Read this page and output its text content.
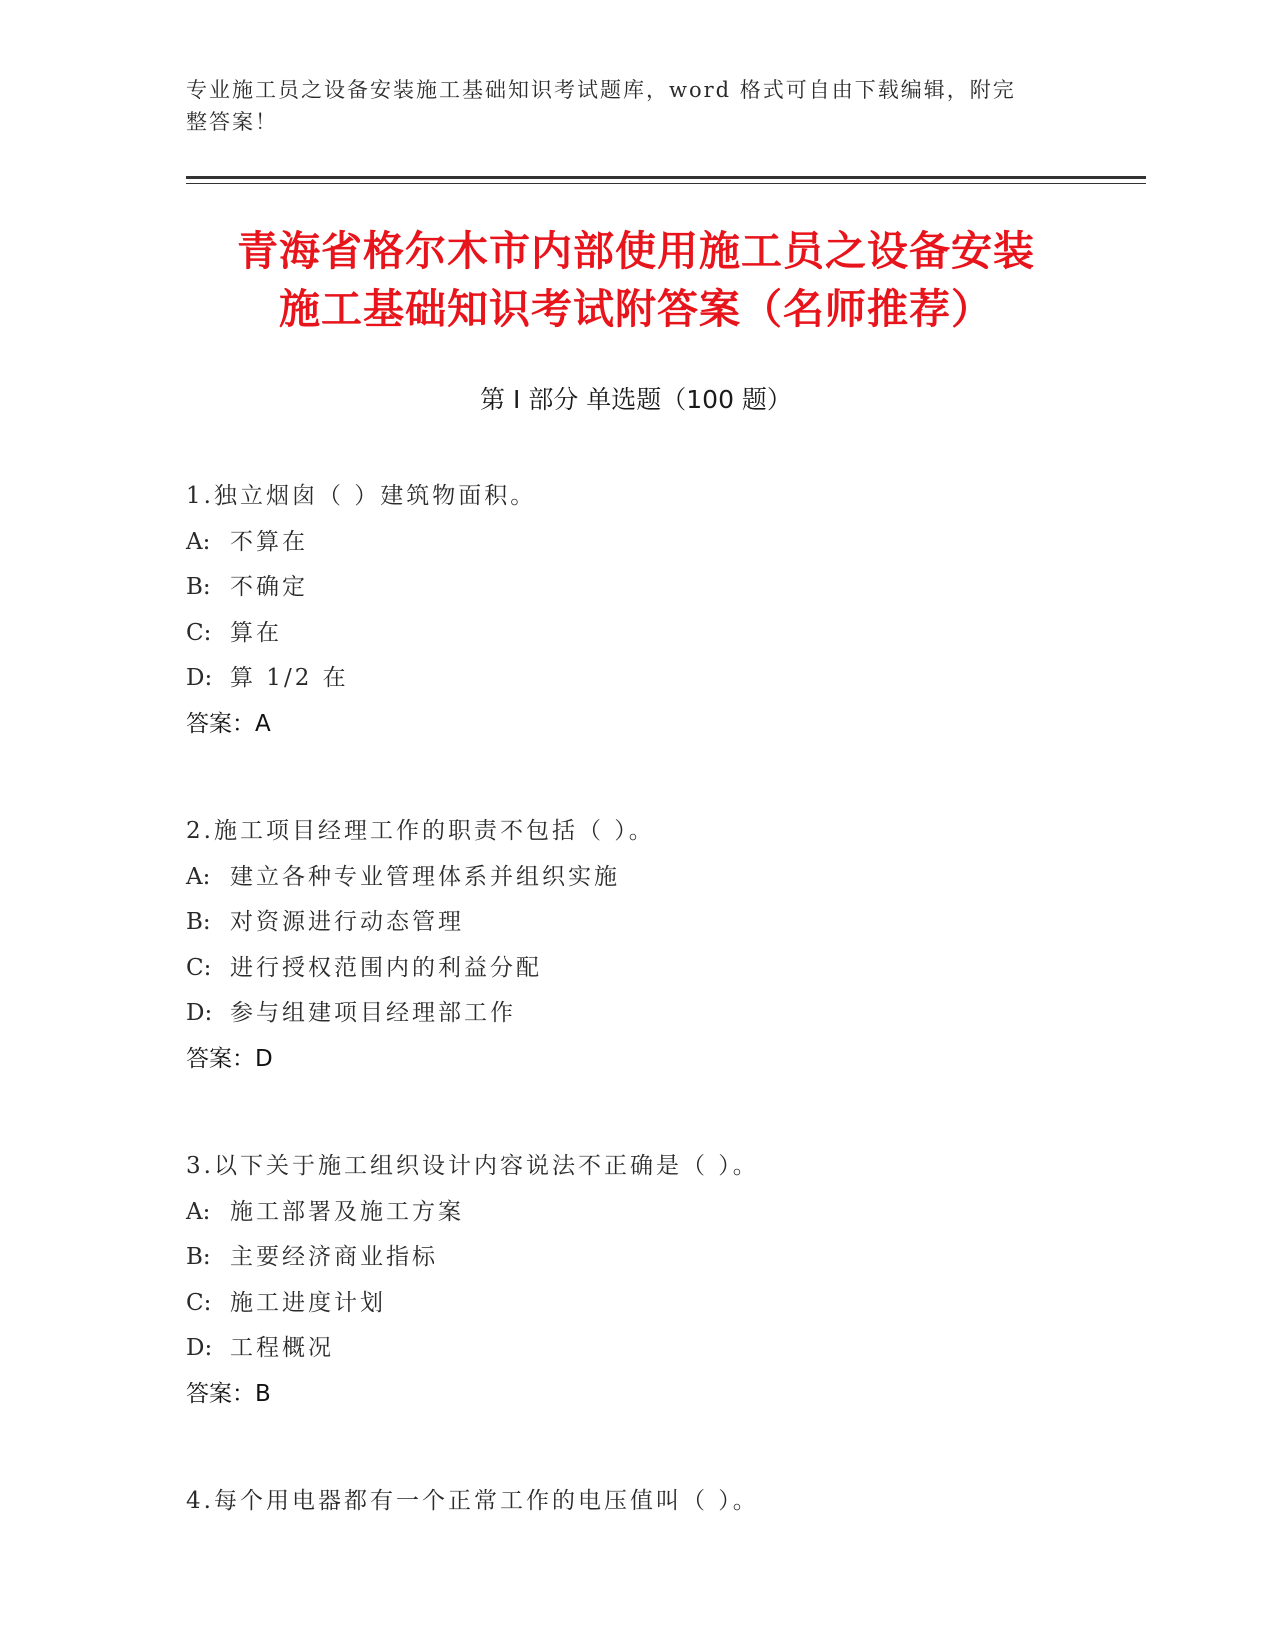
专业施工员之设备安装施工基础知识考试题库，word 格式可自由下载编辑，附完
整答案！
青海省格尔木市内部使用施工员之设备安装
施工基础知识考试附答案（名师推荐）
第 I 部分 单选题（100 题）
1.独立烟囱（ ）建筑物面积。
A: 不算在
B: 不确定
C: 算在
D: 算 1/2 在
答案：A
2.施工项目经理工作的职责不包括（ ）。
A: 建立各种专业管理体系并组织实施
B: 对资源进行动态管理
C: 进行授权范围内的利益分配
D: 参与组建项目经理部工作
答案：D
3.以下关于施工组织设计内容说法不正确是（ ）。
A: 施工部署及施工方案
B: 主要经济商业指标
C: 施工进度计划
D: 工程概况
答案：B
4.每个用电器都有一个正常工作的电压值叫（ ）。
